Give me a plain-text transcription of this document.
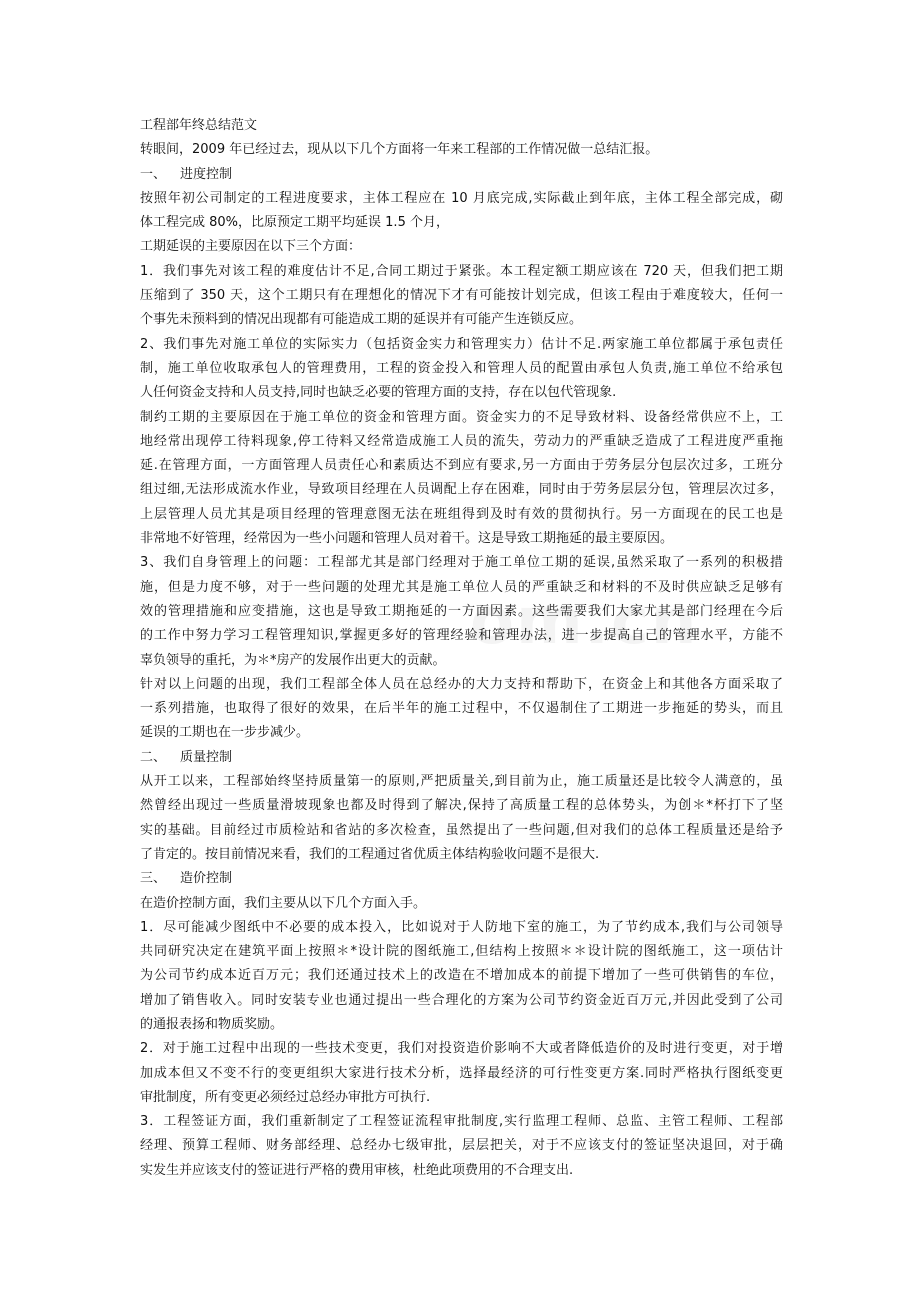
工程部年终总结范文
转眼间，2009 年已经过去，现从以下几个方面将一年来工程部的工作情况做一总结汇报。
一、 进度控制
按照年初公司制定的工程进度要求，主体工程应在 10 月底完成,实际截止到年底，主体工程全部完成，砌
体工程完成 80%，比原预定工期平均延误 1.5 个月，
工期延误的主要原因在以下三个方面：
1．我们事先对该工程的难度估计不足,合同工期过于紧张。本工程定额工期应该在 720 天，但我们把工期
压缩到了 350 天，这个工期只有在理想化的情况下才有可能按计划完成，但该工程由于难度较大，任何一
个事先未预料到的情况出现都有可能造成工期的延误并有可能产生连锁反应。
2、我们事先对施工单位的实际实力（包括资金实力和管理实力）估计不足.两家施工单位都属于承包责任
制，施工单位收取承包人的管理费用，工程的资金投入和管理人员的配置由承包人负责,施工单位不给承包
人任何资金支持和人员支持,同时也缺乏必要的管理方面的支持，存在以包代管现象.
制约工期的主要原因在于施工单位的资金和管理方面。资金实力的不足导致材料、设备经常供应不上，工
地经常出现停工待料现象,停工待料又经常造成施工人员的流失，劳动力的严重缺乏造成了工程进度严重拖
延.在管理方面，一方面管理人员责任心和素质达不到应有要求,另一方面由于劳务层分包层次过多，工班分
组过细,无法形成流水作业，导致项目经理在人员调配上存在困难，同时由于劳务层层分包，管理层次过多，
上层管理人员尤其是项目经理的管理意图无法在班组得到及时有效的贯彻执行。另一方面现在的民工也是
非常地不好管理，经常因为一些小问题和管理人员对着干。这是导致工期拖延的最主要原因。
3、我们自身管理上的问题：工程部尤其是部门经理对于施工单位工期的延误,虽然采取了一系列的积极措
施，但是力度不够，对于一些问题的处理尤其是施工单位人员的严重缺乏和材料的不及时供应缺乏足够有
效的管理措施和应变措施，这也是导致工期拖延的一方面因素。这些需要我们大家尤其是部门经理在今后
的工作中努力学习工程管理知识,掌握更多好的管理经验和管理办法，进一步提高自己的管理水平，方能不
辜负领导的重托，为＊*房产的发展作出更大的贡献。
针对以上问题的出现，我们工程部全体人员在总经办的大力支持和帮助下，在资金上和其他各方面采取了
一系列措施，也取得了很好的效果，在后半年的施工过程中，不仅遏制住了工期进一步拖延的势头，而且
延误的工期也在一步步减少。
二、 质量控制
从开工以来，工程部始终坚持质量第一的原则,严把质量关,到目前为止，施工质量还是比较令人满意的，虽
然曾经出现过一些质量滑坡现象也都及时得到了解决,保持了高质量工程的总体势头，为创＊*杯打下了坚
实的基础。目前经过市质检站和省站的多次检查，虽然提出了一些问题,但对我们的总体工程质量还是给予
了肯定的。按目前情况来看，我们的工程通过省优质主体结构验收问题不是很大.
三、 造价控制
在造价控制方面，我们主要从以下几个方面入手。
1．尽可能减少图纸中不必要的成本投入，比如说对于人防地下室的施工，为了节约成本,我们与公司领导
共同研究决定在建筑平面上按照＊*设计院的图纸施工,但结构上按照＊＊设计院的图纸施工，这一项估计
为公司节约成本近百万元；我们还通过技术上的改造在不增加成本的前提下增加了一些可供销售的车位，
增加了销售收入。同时安装专业也通过提出一些合理化的方案为公司节约资金近百万元,并因此受到了公司
的通报表扬和物质奖励。
2．对于施工过程中出现的一些技术变更，我们对投资造价影响不大或者降低造价的及时进行变更，对于增
加成本但又不变不行的变更组织大家进行技术分析，选择最经济的可行性变更方案.同时严格执行图纸变更
审批制度，所有变更必须经过总经办审批方可执行.
3．工程签证方面，我们重新制定了工程签证流程审批制度,实行监理工程师、总监、主管工程师、工程部
经理、预算工程师、财务部经理、总经办七级审批，层层把关，对于不应该支付的签证坚决退回，对于确
实发生并应该支付的签证进行严格的费用审核，杜绝此项费用的不合理支出.
